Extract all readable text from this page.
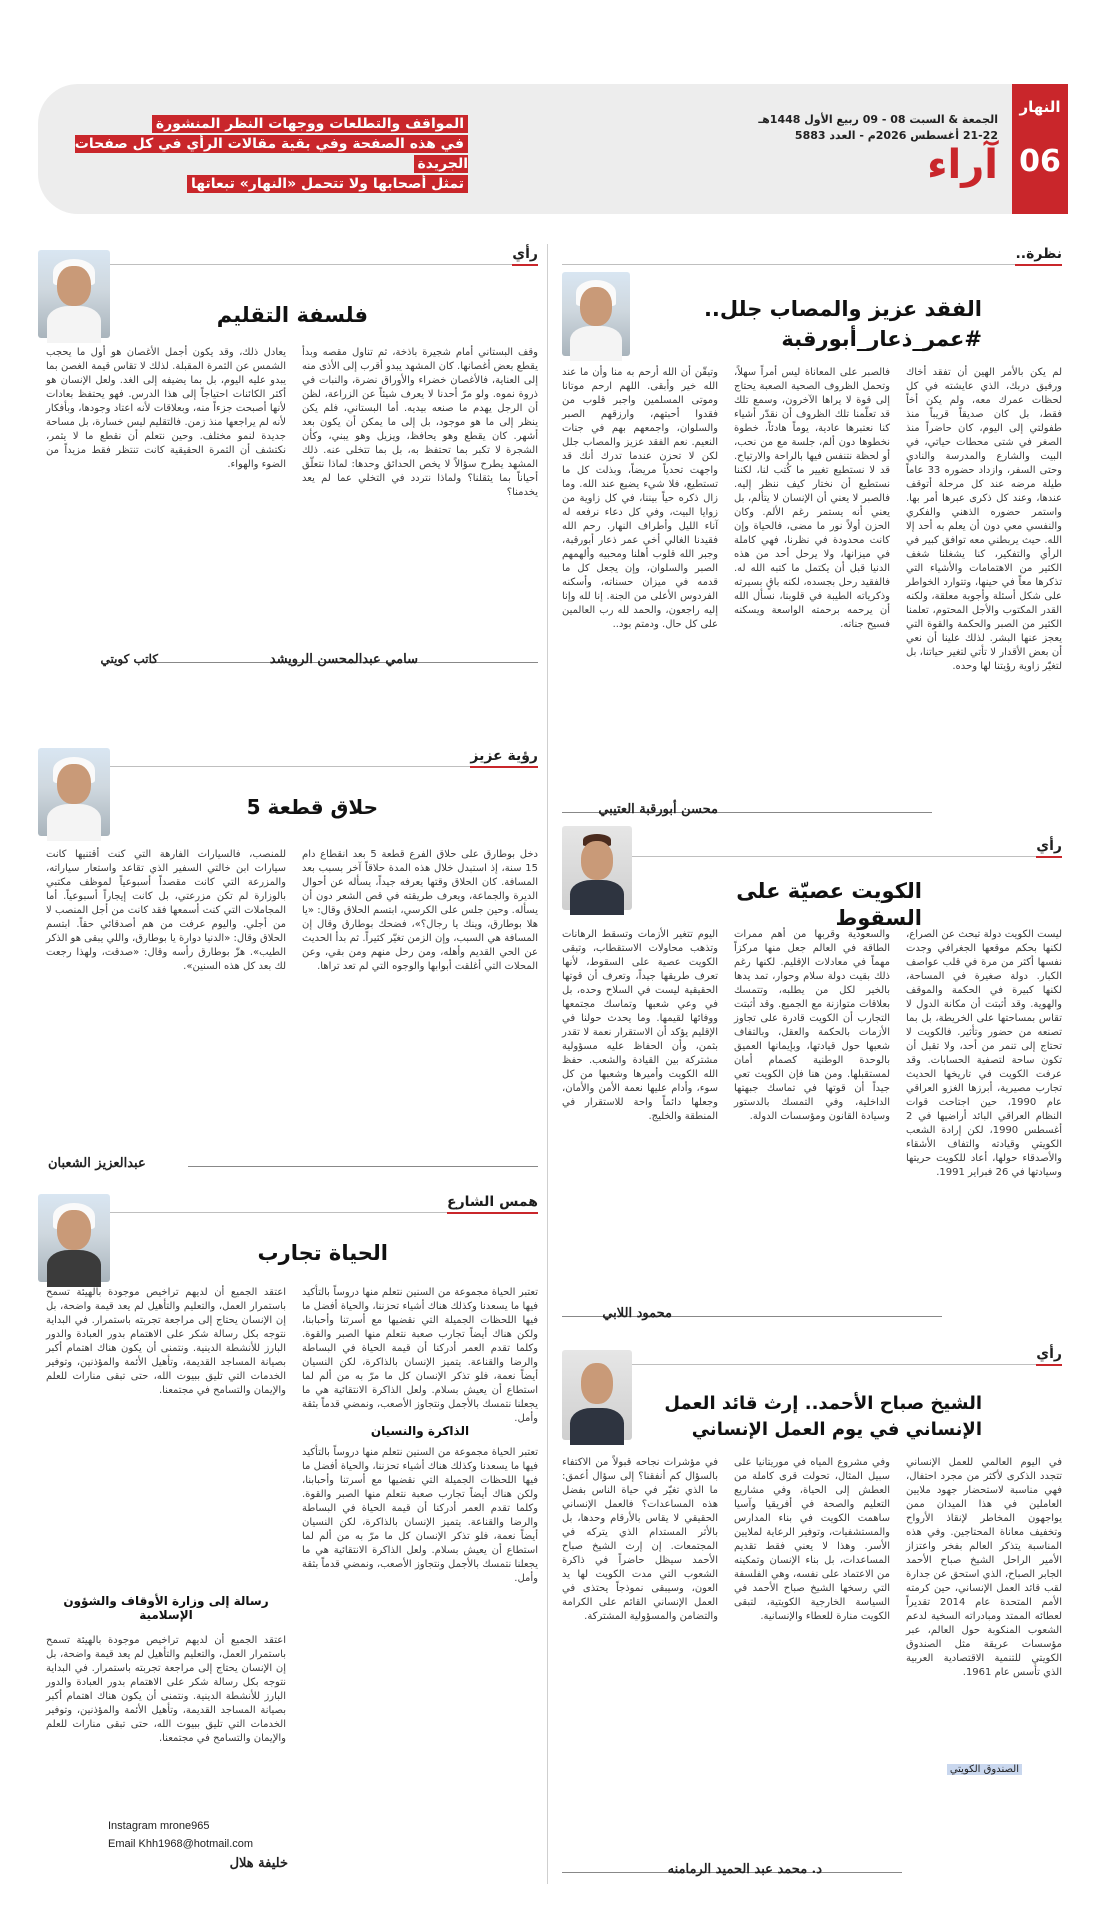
النهار
06
الجمعة & السبت 08 - 09 ربيع الأول 1448هـ
21-22 أغسطس 2026م - العدد 5883
آراء
المواقف والتطلعات ووجهات النظر المنشورة
في هذه الصفحة وفي بقية مقالات الرأي في كل صفحات الجريدة
تمثل أصحابها ولا تتحمل «النهار» تبعاتها
نظرة..
الفقد عزيز والمصاب جلل..
#عمر_ذعار_أبورقبة
لم يكن بالأمر الهين أن تفقد أخاك ورفيق دربك، الذي عايشته في كل لحظات عمرك معه، ولم يكن أخاً فقط، بل كان صديقاً قريباً منذ طفولتي إلى اليوم، كان حاضراً منذ الصغر في شتى محطات حياتي، في البيت والشارع والمدرسة والنادي وحتى السفر، وازداد حضوره 33 عاماً طيلة مرضه عند كل مرحلة أتوقف عندها، وعند كل ذكرى عبرها أمر بها. واستمر حضوره الذهني والفكري والنفسي معي دون أن يعلم به أحد إلا الله. حيث يربطني معه توافق كبير في الرأي والتفكير، كنا يشغلنا شغف الكثير من الاهتمامات والأشياء التي تذكرها معاً في حينها، وتتوارد الخواطر على شكل أسئلة وأجوبة معلقة، ولكنه القدر المكتوب والأجل المحتوم، تعلمنا الكثير من الصبر والحكمة والقوة التي يعجز عنها البشر. لذلك علينا أن نعي أن بعض الأقدار لا تأتي لتغير حياتنا، بل لتغيّر زاوية رؤيتنا لها وحده.
فالصبر على المعاناة ليس أمراً سهلاً، وتحمل الظروف الصحية الصعبة يحتاج إلى قوة لا يراها الآخرون، وسمع تلك قد تعلّمنا تلك الظروف أن نقدّر أشياء كنا نعتبرها عادية، يوماً هادئاً، خطوة نخطوها دون ألم، جلسة مع من نحب، أو لحظة نتنفس فيها بالراحة والارتياح. قد لا نستطيع تغيير ما كُتب لنا، لكننا نستطيع أن نختار كيف ننظر إليه. فالصبر لا يعني أن الإنسان لا يتألم، بل يعني أنه يستمر رغم الألم. وكان الحزن أولاً نور ما مضى، فالحياة وإن كانت محدودة في نظرنا، فهي كاملة في ميزانها، ولا يرحل أحد من هذه الدنيا قبل أن يكتمل ما كتبه الله له. فالفقيد رحل بجسده، لكنه باقٍ بسيرته وذكرياته الطيبة في قلوبنا، نسأل الله أن يرحمه برحمته الواسعة ويسكنه فسيح جناته.
وتيقّن أن الله أرحم به منا وأن ما عند الله خير وأبقى. اللهم ارحم موتانا وموتى المسلمين واجبر قلوب من فقدوا أحبتهم، وارزقهم الصبر والسلوان، واجمعهم بهم في جنات النعيم. نعم الفقد عزيز والمصاب جلل لكن لا تحزن عندما تدرك أنك قد واجهت تحدياً مريضاً، وبذلت كل ما تستطيع، فلا شيء يضيع عند الله. وما زال ذكره حياً بيننا، في كل زاوية من زوايا البيت، وفي كل دعاء نرفعه له آناء الليل وأطراف النهار. رحم الله فقيدنا الغالي أخي عمر ذعار أبورقبة، وجبر الله قلوب أهلنا ومحبيه وألهمهم الصبر والسلوان، وإن يجعل كل ما قدمه في ميزان حسناته، وأسكنه الفردوس الأعلى من الجنة. إنا لله وإنا إليه راجعون، والحمد لله رب العالمين على كل حال. ودمتم بود..
محسن أبورقبة العتيبي
رأي
فلسفة التقليم
وقف البستاني أمام شجيرة باذخة، ثم تناول مقصه وبدأ يقطع بعض أغصانها. كان المشهد يبدو أقرب إلى الأذى منه إلى العناية، فالأغصان خضراء والأوراق نضرة، والنبات في ذروة نموه. ولو مرّ أحدنا لا يعرف شيئاً عن الزراعة، لظن أن الرجل يهدم ما صنعه بيديه. أما البستاني، فلم يكن ينظر إلى ما هو موجود، بل إلى ما يمكن أن يكون بعد أشهر. كان يقطع وهو يحافظ، ويزيل وهو يبني، وكأن الشجرة لا تكبر بما تحتفظ به، بل بما تتخلى عنه. ذلك المشهد يطرح سؤالاً لا يخص الحدائق وحدها: لماذا نتعلّق أحياناً بما يثقلنا؟ ولماذا نتردد في التخلي عما لم يعد يخدمنا؟
يعادل ذلك، وقد يكون أجمل الأغصان هو أول ما يحجب الشمس عن الثمرة المقبلة. لذلك لا تقاس قيمة الغصن بما يبدو عليه اليوم، بل بما يضيفه إلى الغد. ولعل الإنسان هو أكثر الكائنات احتياجاً إلى هذا الدرس. فهو يحتفظ بعادات لأنها أصبحت جزءاً منه، وبعلاقات لأنه اعتاد وجودها، وبأفكار لأنه لم يراجعها منذ زمن. فالتقليم ليس خسارة، بل مساحة جديدة لنمو مختلف. وحين نتعلم أن نقطع ما لا يثمر، نكتشف أن الثمرة الحقيقية كانت تنتظر فقط مزيداً من الضوء والهواء.
سامي عبدالمحسن الرويشد
كاتب كويتي
رؤية عزيز
حلاق قطعة 5
دخل بوطارق على حلاق الفرع قطعة 5 بعد انقطاع دام 15 سنة، إذ استبدل خلال هذه المدة حلاقاً آخر بسبب بعد المسافة. كان الحلاق وقتها يعرفه جيداً، يسأله عن أحوال الديرة والجماعة، ويعرف طريقته في قص الشعر دون أن يسأله. وحين جلس على الكرسي، ابتسم الحلاق وقال: «يا هلا بوطارق، وينك يا رجال؟»، فضحك بوطارق وقال إن المسافة هي السبب، وإن الزمن تغيّر كثيراً. ثم بدأ الحديث عن الحي القديم وأهله، ومن رحل منهم ومن بقي، وعن المحلات التي أغلقت أبوابها والوجوه التي لم تعد تراها.
للمنصب، فالسيارات الفارهة التي كنت أقتنيها كانت سيارات ابن خالتي السفير الذي تقاعد واستعار سياراته، والمزرعة التي كانت مقصداً أسبوعياً لموظف مكتبي بالوزارة لم تكن مزرعتي، بل كانت إيجاراً أسبوعياً. أما المجاملات التي كنت أسمعها فقد كانت من أجل المنصب لا من أجلي. واليوم عرفت من هم أصدقائي حقاً. ابتسم الحلاق وقال: «الدنيا دوارة يا بوطارق، واللي يبقى هو الذكر الطيب». هزّ بوطارق رأسه وقال: «صدقت، ولهذا رجعت لك بعد كل هذه السنين».
عبدالعزيز الشعبان
رأي
الكويت عصيّة على السقوط
ليست الكويت دولة تبحث عن الصراع، لكنها بحكم موقعها الجغرافي وجدت نفسها أكثر من مرة في قلب عواصف الكبار. دولة صغيرة في المساحة، لكنها كبيرة في الحكمة والموقف والهوية. وقد أثبتت أن مكانة الدول لا تقاس بمساحتها على الخريطة، بل بما تصنعه من حضور وتأثير. فالكويت لا تحتاج إلى تنمر من أحد، ولا تقبل أن تكون ساحة لتصفية الحسابات. وقد عرفت الكويت في تاريخها الحديث تجارب مصيرية، أبرزها الغزو العراقي عام 1990، حين اجتاحت قوات النظام العراقي البائد أراضيها في 2 أغسطس 1990، لكن إرادة الشعب الكويتي وقيادته والتفاف الأشقاء والأصدقاء حولها، أعاد للكويت حريتها وسيادتها في 26 فبراير 1991.
والسعودية وقربها من أهم ممرات الطاقة في العالم جعل منها مركزاً مهماً في معادلات الإقليم. لكنها رغم ذلك بقيت دولة سلام وحوار، تمد يدها بالخير لكل من يطلبه، وتتمسك بعلاقات متوازنة مع الجميع. وقد أثبتت التجارب أن الكويت قادرة على تجاوز الأزمات بالحكمة والعقل، وبالتفاف شعبها حول قيادتها، وبإيمانها العميق بالوحدة الوطنية كصمام أمان لمستقبلها. ومن هنا فإن الكويت تعي جيداً أن قوتها في تماسك جبهتها الداخلية، وفي التمسك بالدستور وسيادة القانون ومؤسسات الدولة.
اليوم تتغير الأزمات وتسقط الرهانات وتذهب محاولات الاستقطاب، وتبقى الكويت عصية على السقوط، لأنها تعرف طريقها جيداً، وتعرف أن قوتها الحقيقية ليست في السلاح وحده، بل في وعي شعبها وتماسك مجتمعها ووفائها لقيمها. وما يحدث حولنا في الإقليم يؤكد أن الاستقرار نعمة لا تقدر بثمن، وأن الحفاظ عليه مسؤولية مشتركة بين القيادة والشعب. حفظ الله الكويت وأميرها وشعبها من كل سوء، وأدام عليها نعمة الأمن والأمان، وجعلها دائماً واحة للاستقرار في المنطقة والخليج.
محمود اللابي
همس الشارع
الحياة تجارب
تعتبر الحياة مجموعة من السنين نتعلم منها دروساً بالتأكيد فيها ما يسعدنا وكذلك هناك أشياء تحزننا، والحياة أفضل ما فيها اللحظات الجميلة التي نقضيها مع أسرتنا وأحبابنا، ولكن هناك أيضاً تجارب صعبة نتعلم منها الصبر والقوة. وكلما تقدم العمر أدركنا أن قيمة الحياة في البساطة والرضا والقناعة. يتميز الإنسان بالذاكرة، لكن النسيان أيضاً نعمة، فلو تذكر الإنسان كل ما مرّ به من ألم لما استطاع أن يعيش بسلام. ولعل الذاكرة الانتقائية هي ما يجعلنا نتمسك بالأجمل ونتجاوز الأصعب، ونمضي قدماً بثقة وأمل.
الذاكرة والنسيان
تعتبر الحياة مجموعة من السنين نتعلم منها دروساً بالتأكيد فيها ما يسعدنا وكذلك هناك أشياء تحزننا، والحياة أفضل ما فيها اللحظات الجميلة التي نقضيها مع أسرتنا وأحبابنا، ولكن هناك أيضاً تجارب صعبة نتعلم منها الصبر والقوة. وكلما تقدم العمر أدركنا أن قيمة الحياة في البساطة والرضا والقناعة. يتميز الإنسان بالذاكرة، لكن النسيان أيضاً نعمة، فلو تذكر الإنسان كل ما مرّ به من ألم لما استطاع أن يعيش بسلام. ولعل الذاكرة الانتقائية هي ما يجعلنا نتمسك بالأجمل ونتجاوز الأصعب، ونمضي قدماً بثقة وأمل.
اعتقد الجميع أن لديهم تراخيص موجودة بالهيئة تسمح باستمرار العمل، والتعليم والتأهيل لم يعد قيمة واضحة، بل إن الإنسان يحتاج إلى مراجعة تجربته باستمرار. في البداية نتوجه بكل رسالة شكر على الاهتمام بدور العبادة والدور البارز للأنشطة الدينية. ونتمنى أن يكون هناك اهتمام أكبر بصيانة المساجد القديمة، وتأهيل الأئمة والمؤذنين، وتوفير الخدمات التي تليق ببيوت الله، حتى تبقى منارات للعلم والإيمان والتسامح في مجتمعنا.
رسالة إلى وزارة الأوقاف والشؤون الإسلامية
اعتقد الجميع أن لديهم تراخيص موجودة بالهيئة تسمح باستمرار العمل، والتعليم والتأهيل لم يعد قيمة واضحة، بل إن الإنسان يحتاج إلى مراجعة تجربته باستمرار. في البداية نتوجه بكل رسالة شكر على الاهتمام بدور العبادة والدور البارز للأنشطة الدينية. ونتمنى أن يكون هناك اهتمام أكبر بصيانة المساجد القديمة، وتأهيل الأئمة والمؤذنين، وتوفير الخدمات التي تليق ببيوت الله، حتى تبقى منارات للعلم والإيمان والتسامح في مجتمعنا.
Instagram mrone965
Email Khh1968@hotmail.com
خليفة هلال
رأي
الشيخ صباح الأحمد.. إرث قائد العمل
الإنساني في يوم العمل الإنساني
في اليوم العالمي للعمل الإنساني تتجدد الذكرى لأكثر من مجرد احتفال، فهي مناسبة لاستحضار جهود ملايين العاملين في هذا الميدان ممن يواجهون المخاطر لإنقاذ الأرواح وتخفيف معاناة المحتاجين. وفي هذه المناسبة يتذكر العالم بفخر واعتزاز الأمير الراحل الشيخ صباح الأحمد الجابر الصباح، الذي استحق عن جدارة لقب قائد العمل الإنساني، حين كرمته الأمم المتحدة عام 2014 تقديراً لعطائه الممتد ومبادراته السخية لدعم الشعوب المنكوبة حول العالم، عبر مؤسسات عريقة مثل الصندوق الكويتي للتنمية الاقتصادية العربية الذي تأسس عام 1961.
وفي مشروع المياه في موريتانيا على سبيل المثال، تحولت قرى كاملة من العطش إلى الحياة، وفي مشاريع التعليم والصحة في أفريقيا وآسيا ساهمت الكويت في بناء المدارس والمستشفيات، وتوفير الرعاية لملايين الأسر. وهذا لا يعني فقط تقديم المساعدات، بل بناء الإنسان وتمكينه من الاعتماد على نفسه، وهي الفلسفة التي رسخها الشيخ صباح الأحمد في السياسة الخارجية الكويتية، لتبقى الكويت منارة للعطاء والإنسانية.
في مؤشرات نجاحه قبولاً من الاكتفاء بالسؤال كم أنفقنا؟ إلى سؤال أعمق: ما الذي تغيّر في حياة الناس بفضل هذه المساعدات؟ فالعمل الإنساني الحقيقي لا يقاس بالأرقام وحدها، بل بالأثر المستدام الذي يتركه في المجتمعات. إن إرث الشيخ صباح الأحمد سيظل حاضراً في ذاكرة الشعوب التي مدت الكويت لها يد العون، وسيبقى نموذجاً يحتذى في العمل الإنساني القائم على الكرامة والتضامن والمسؤولية المشتركة.
الصندوق الكويتي
د. محمد عبد الحميد الرمامنه
